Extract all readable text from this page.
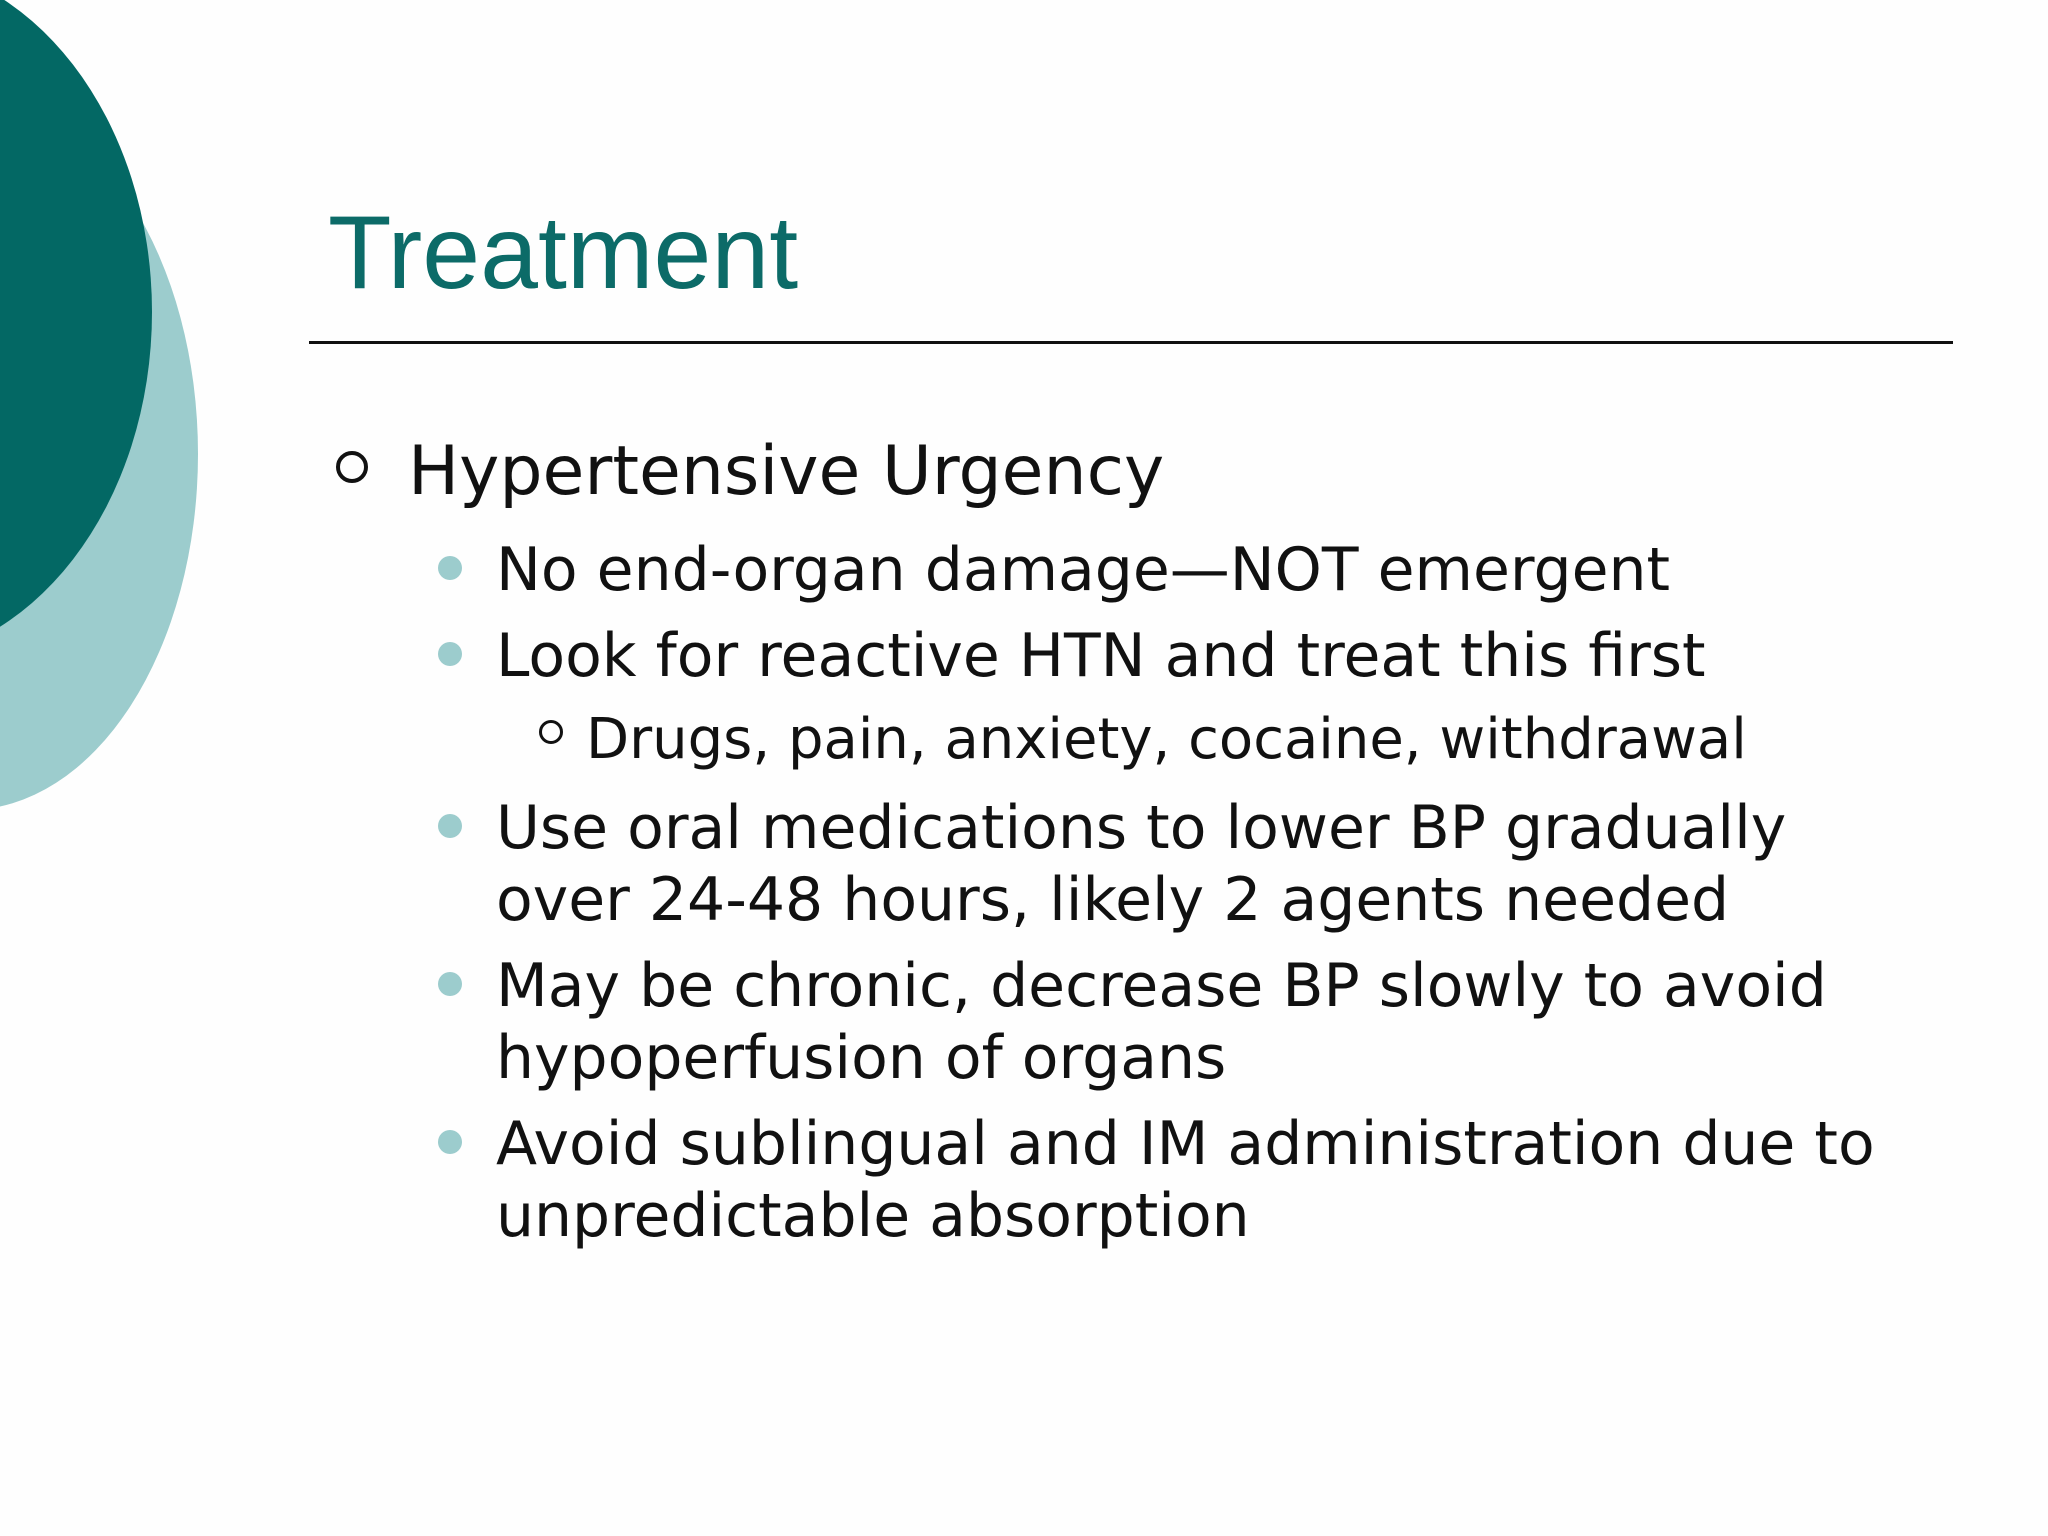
Treatment
Hypertensive Urgency
No end-organ damage—NOT emergent
Look for reactive HTN and treat this first
Drugs, pain, anxiety, cocaine, withdrawal
Use oral medications to lower BP gradually
over 24-48 hours, likely 2 agents needed
May be chronic, decrease BP slowly to avoid
hypoperfusion of organs
Avoid sublingual and IM administration due to
unpredictable absorption
